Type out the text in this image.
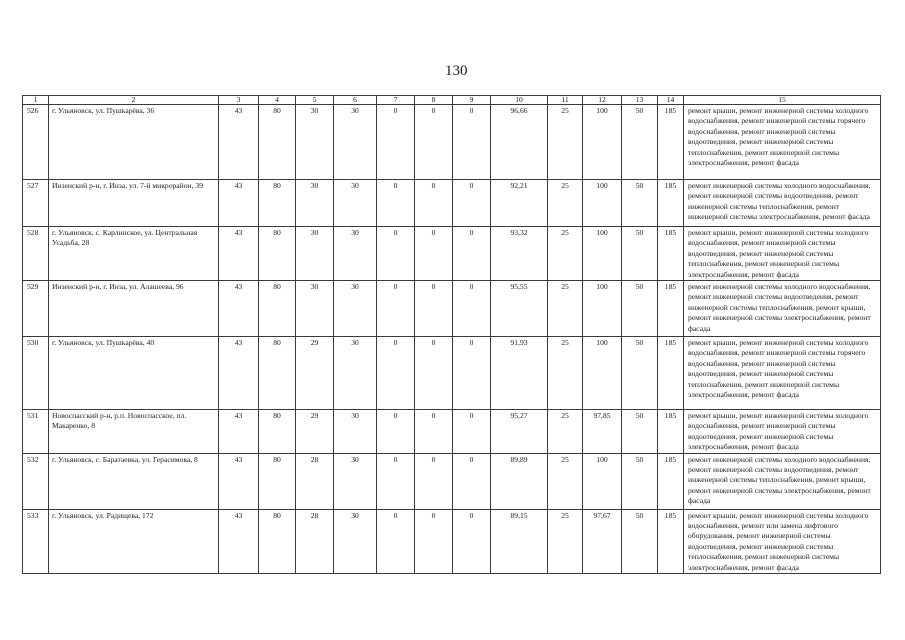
130
1	2	3	4	5	6	7	8	9	10	11	12	13	14	15
526	г. Ульяновск, ул. Пушкарёва, 36	43	80	30	30	0	0	0	96,66	25	100	50	185	ремонт крыши, ремонт инженерной системы холодного водоснабжения, ремонт инженерной системы горячего водоснабжения, ремонт инженерной системы водоотведения, ремонт инженерной системы теплоснабжения, ремонт инженерной системы электроснабжения, ремонт фасада
527	Инзенский р-н, г. Инза, ул. 7-й микрорайон, 39	43	80	30	30	0	0	0	92,21	25	100	50	185	ремонт инженерной системы холодного водоснабжения, ремонт инженерной системы водоотведения, ремонт инженерной системы теплоснабжения, ремонт инженерной системы электроснабжения, ремонт фасада
528	г. Ульяновск, с. Карлинское, ул. Центральная Усадьба, 28	43	80	30	30	0	0	0	93,32	25	100	50	185	ремонт крыши, ремонт инженерной системы холодного водоснабжения, ремонт инженерной системы водоотведения, ремонт инженерной системы теплоснабжения, ремонт инженерной системы электроснабжения, ремонт фасада
529	Инзенский р-н, г. Инза, ул. Алашеева, 96	43	80	30	30	0	0	0	95,55	25	100	50	185	ремонт инженерной системы холодного водоснабжения, ремонт инженерной системы водоотведения, ремонт инженерной системы теплоснабжения, ремонт крыши, ремонт инженерной системы электроснабжения, ремонт фасада
530	г. Ульяновск, ул. Пушкарёва, 40	43	80	29	30	0	0	0	91,93	25	100	50	185	ремонт крыши, ремонт инженерной системы холодного водоснабжения, ремонт инженерной системы горячего водоснабжения, ремонт инженерной системы водоотведения, ремонт инженерной системы теплоснабжения, ремонт инженерной системы электроснабжения, ремонт фасада
531	Новоспасский р-н, р.п. Новоспасское, пл. Макаренко, 8	43	80	29	30	0	0	0	95,27	25	97,85	50	185	ремонт крыши, ремонт инженерной системы холодного водоснабжения, ремонт инженерной системы водоотведения, ремонт инженерной системы электроснабжения, ремонт фасада
532	г. Ульяновск, с. Баратаевка, ул. Герасимова, 8	43	80	28	30	0	0	0	89,89	25	100	50	185	ремонт инженерной системы холодного водоснабжения, ремонт инженерной системы водоотведения, ремонт инженерной системы теплоснабжения, ремонт крыши, ремонт инженерной системы электроснабжения, ремонт фасада
533	г. Ульяновск, ул. Радищева, 172	43	80	28	30	0	0	0	89,15	25	97,67	50	185	ремонт крыши, ремонт инженерной системы холодного водоснабжения, ремонт или замена лифтового оборудования, ремонт инженерной системы водоотведения, ремонт инженерной системы теплоснабжения, ремонт инженерной системы электроснабжения, ремонт фасада
